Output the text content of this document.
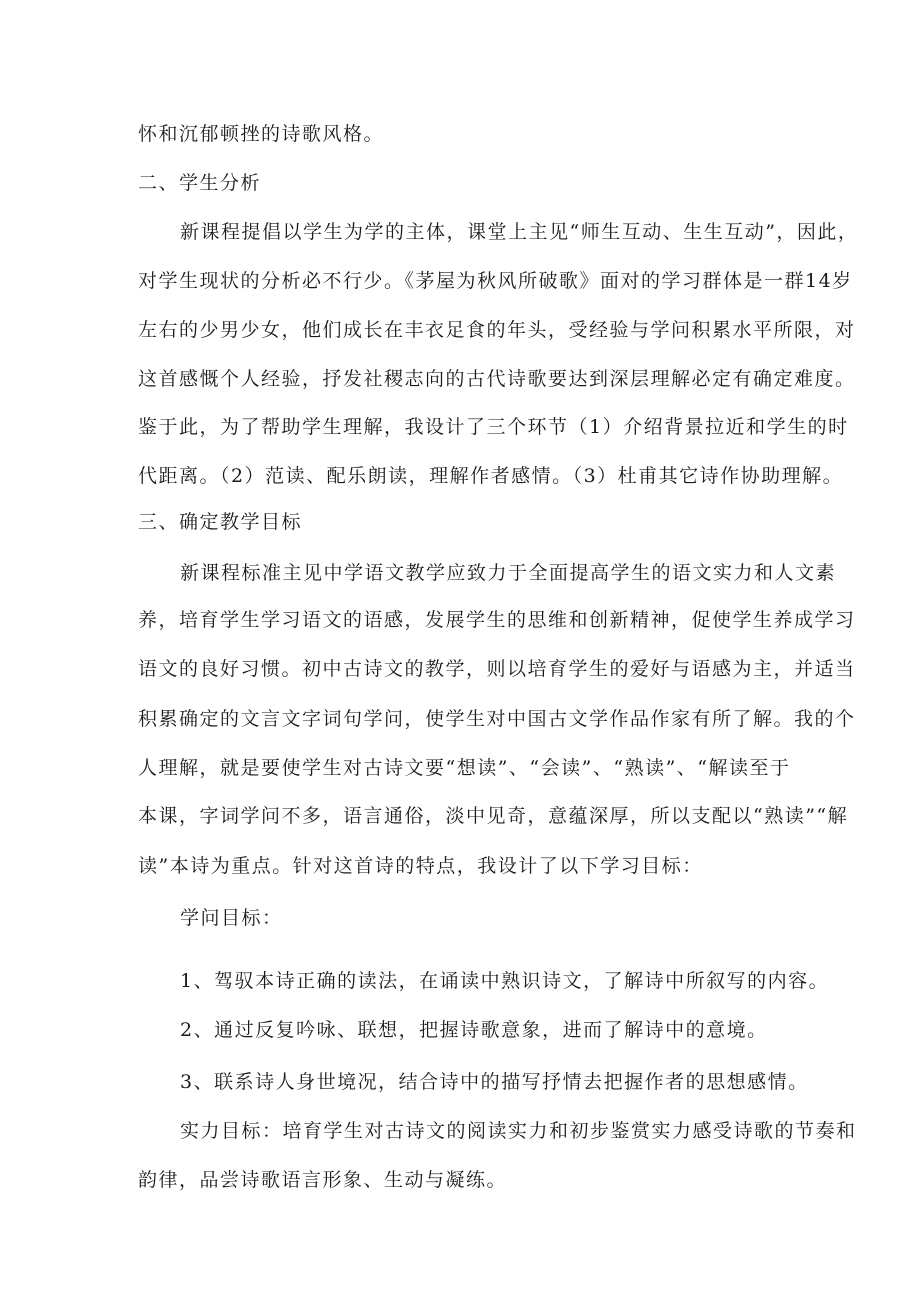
怀和沉郁顿挫的诗歌风格。
二、学生分析
新课程提倡以学生为学的主体，课堂上主见“师生互动、生生互动”，因此，
对学生现状的分析必不行少。《茅屋为秋风所破歌》面对的学习群体是一群14岁
左右的少男少女，他们成长在丰衣足食的年头，受经验与学问积累水平所限，对
这首感慨个人经验，抒发社稷志向的古代诗歌要达到深层理解必定有确定难度。
鉴于此，为了帮助学生理解，我设计了三个环节（1）介绍背景拉近和学生的时
代距离。（2）范读、配乐朗读，理解作者感情。（3）杜甫其它诗作协助理解。
三、确定教学目标
新课程标准主见中学语文教学应致力于全面提高学生的语文实力和人文素
养，培育学生学习语文的语感，发展学生的思维和创新精神，促使学生养成学习
语文的良好习惯。初中古诗文的教学，则以培育学生的爱好与语感为主，并适当
积累确定的文言文字词句学问，使学生对中国古文学作品作家有所了解。我的个
人理解，就是要使学生对古诗文要“想读”、“会读”、“熟读”、“解读至于
本课，字词学问不多，语言通俗，淡中见奇，意蕴深厚，所以支配以“熟读”“解
读”本诗为重点。针对这首诗的特点，我设计了以下学习目标：
学问目标：
1、驾驭本诗正确的读法，在诵读中熟识诗文，了解诗中所叙写的内容。
2、通过反复吟咏、联想，把握诗歌意象，进而了解诗中的意境。
3、联系诗人身世境况，结合诗中的描写抒情去把握作者的思想感情。
实力目标：培育学生对古诗文的阅读实力和初步鉴赏实力感受诗歌的节奏和
韵律，品尝诗歌语言形象、生动与凝练。
